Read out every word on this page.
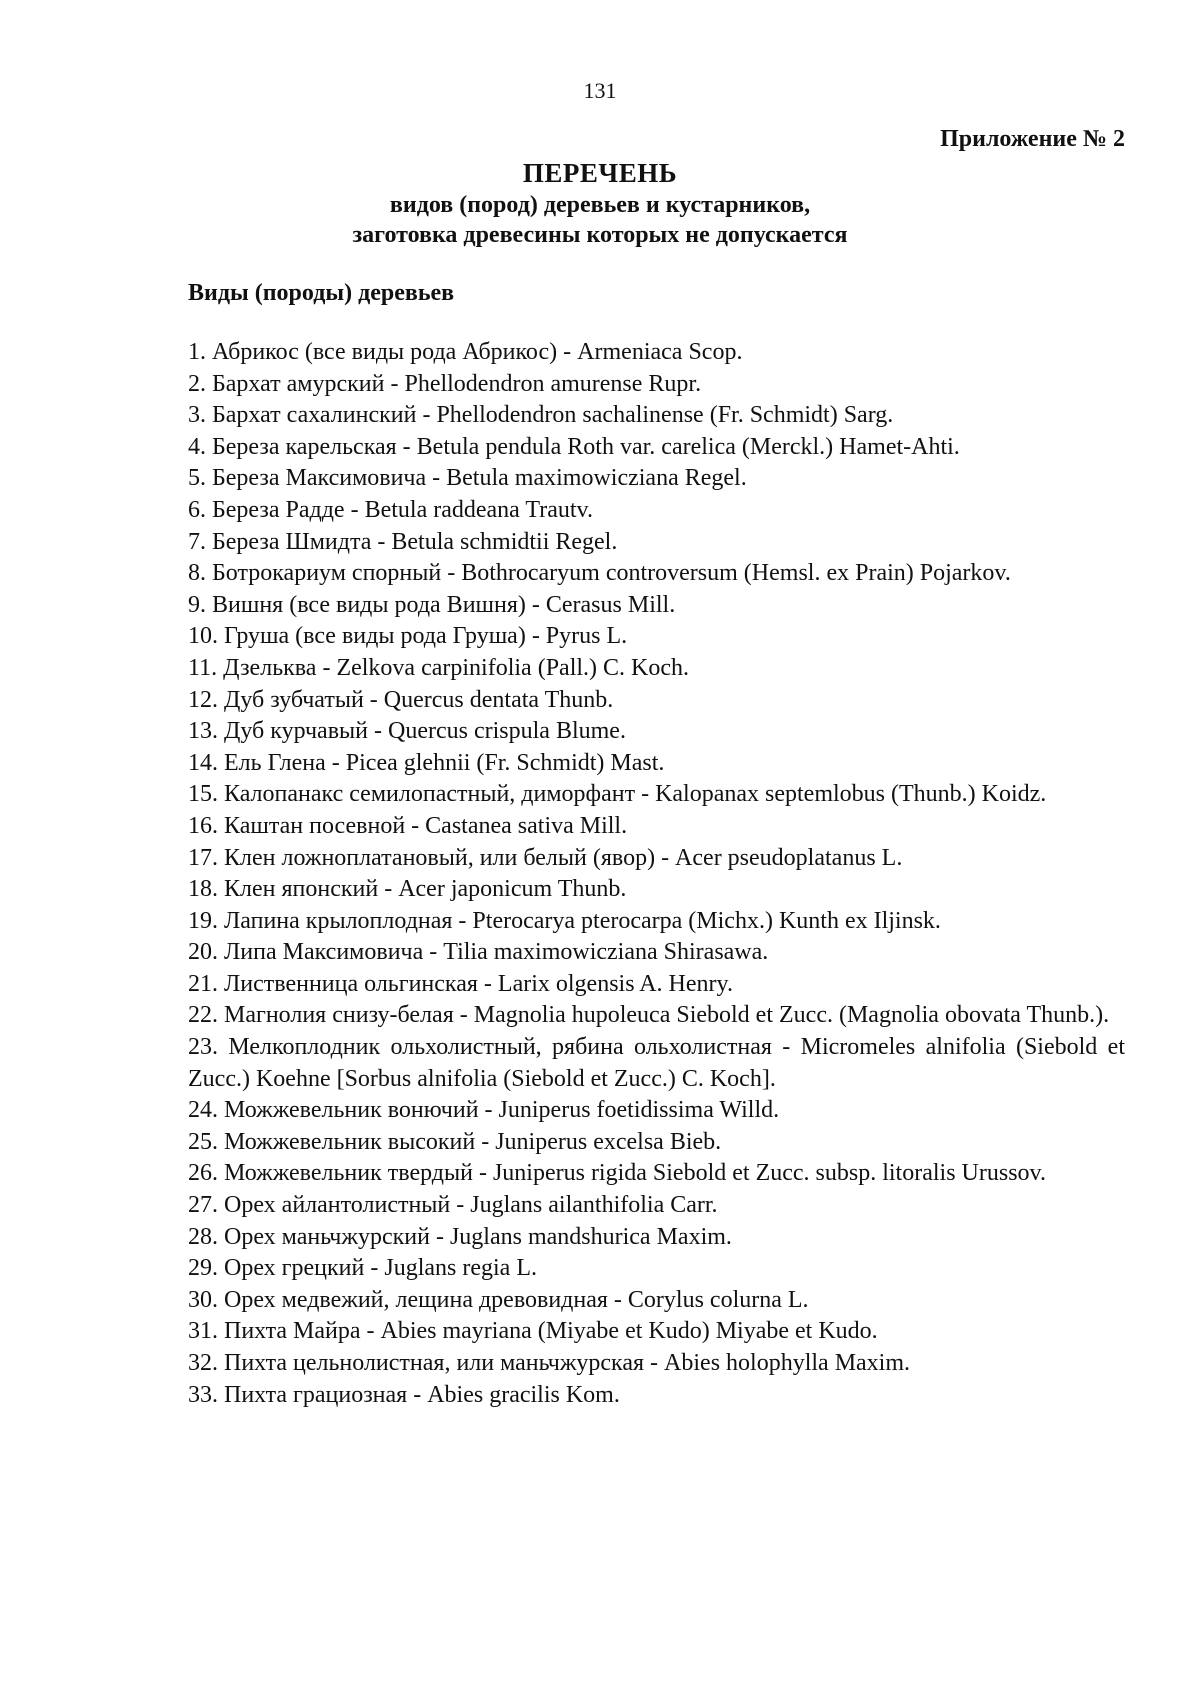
131
Приложение № 2
ПЕРЕЧЕНЬ
видов (пород) деревьев и кустарников,
заготовка древесины которых не допускается
Виды (породы) деревьев
1. Абрикос (все виды рода Абрикос) - Armeniaca Scop.
2. Бархат амурский - Phellodendron amurense Rupr.
3. Бархат сахалинский - Phellodendron sachalinense (Fr. Schmidt) Sarg.
4. Береза карельская - Betula pendula Roth var. carelica (Merckl.) Hamet-Ahti.
5. Береза Максимовича - Betula maximowicziana Regel.
6. Береза Радде - Betula raddeana Trautv.
7. Береза Шмидта - Betula schmidtii Regel.
8. Ботрокариум спорный - Bothrocaryum controversum (Hemsl. ex Prain) Pojarkov.
9. Вишня (все виды рода Вишня) - Cerasus Mill.
10. Груша (все виды рода Груша) - Pyrus L.
11. Дзельква - Zelkova carpinifolia (Pall.) C. Koch.
12. Дуб зубчатый - Quercus dentata Thunb.
13. Дуб курчавый - Quercus crispula Blume.
14. Ель Глена - Picea glehnii (Fr. Schmidt) Mast.
15. Калопанакс семилопастный, диморфант - Kalopanax septemlobus (Thunb.) Koidz.
16. Каштан посевной - Castanea sativa Mill.
17. Клен ложноплатановый, или белый (явор) - Acer pseudoplatanus L.
18. Клен японский - Acer japonicum Thunb.
19. Лапина крылоплодная - Pterocarya pterocarpa (Michx.) Kunth ex Iljinsk.
20. Липа Максимовича - Tilia maximowicziana Shirasawa.
21. Лиственница ольгинская - Larix olgensis A. Henry.
22. Магнолия снизу-белая - Magnolia hupoleuca Siebold et Zucc. (Magnolia obovata Thunb.).
23. Мелкоплодник ольхолистный, рябина ольхолистная - Micromeles alnifolia (Siebold et Zucc.) Koehne [Sorbus alnifolia (Siebold et Zucc.) C. Koch].
24. Можжевельник вонючий - Juniperus foetidissima Willd.
25. Можжевельник высокий - Juniperus excelsa Bieb.
26. Можжевельник твердый - Juniperus rigida Siebold et Zucc. subsp. litoralis Urussov.
27. Орех айлантолистный - Juglans ailanthifolia Carr.
28. Орех маньчжурский - Juglans mandshurica Maxim.
29. Орех грецкий - Juglans regia L.
30. Орех медвежий, лещина древовидная - Corylus colurna L.
31. Пихта Майра - Abies mayriana (Miyabe et Kudo) Miyabe et Kudo.
32. Пихта цельнолистная, или маньчжурская - Abies holophylla Maxim.
33. Пихта грациозная - Abies gracilis Kom.
